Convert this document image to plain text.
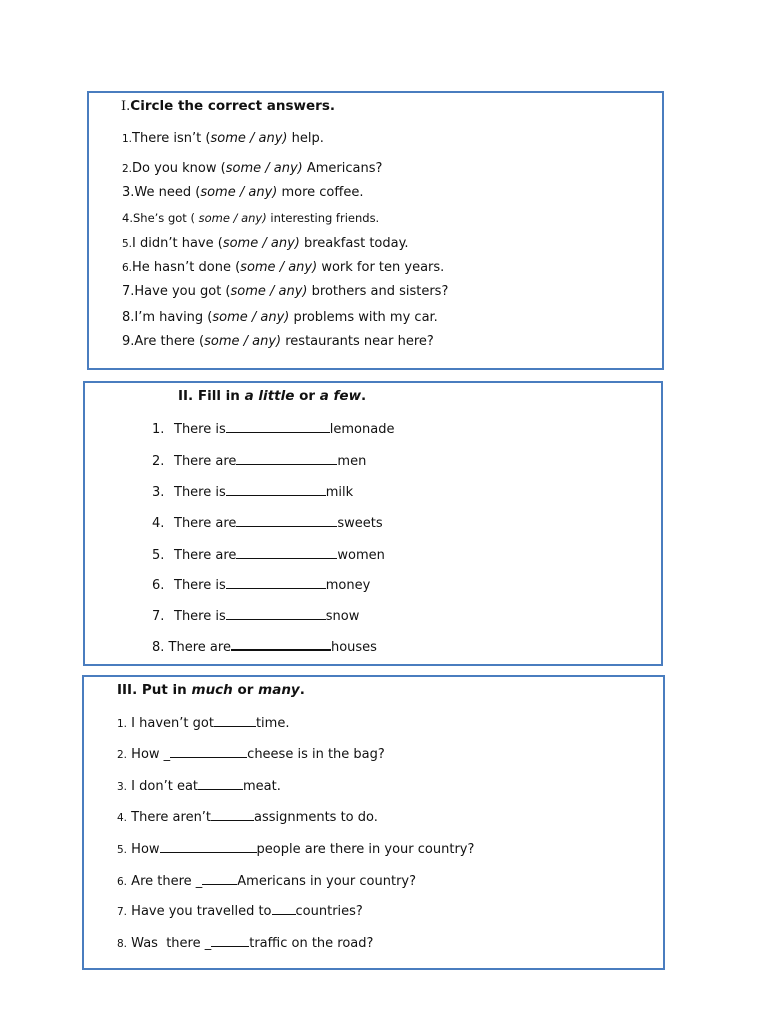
I.Circle the correct answers.
1.There isn’t (some / any) help.
2.Do you know (some / any) Americans?
3.We need (some / any) more coffee.
4.She’s got ( some / any) interesting friends.
5.I didn’t have (some / any) breakfast today.
6.He hasn’t done (some / any) work for ten years.
7.Have you got (some / any) brothers and sisters?
8.I’m having (some / any) problems with my car.
9.Are there (some / any) restaurants near here?
II. Fill in a little or a few.
1. There is	lemonade
2. There are	men
3. There is	milk
4. There are	sweets
5. There are	women
6. There is	money
7. There is	snow
8. There are	houses
III. Put in much or many.
1. I haven’t got	time.
2. How _	cheese is in the bag?
3. I don’t eat	meat.
4. There aren’t	assignments to do.
5. How	people are there in your country?
6. Are there _	Americans in your country?
7. Have you travelled to countries?
8. Was  there _	traffic on the road?
